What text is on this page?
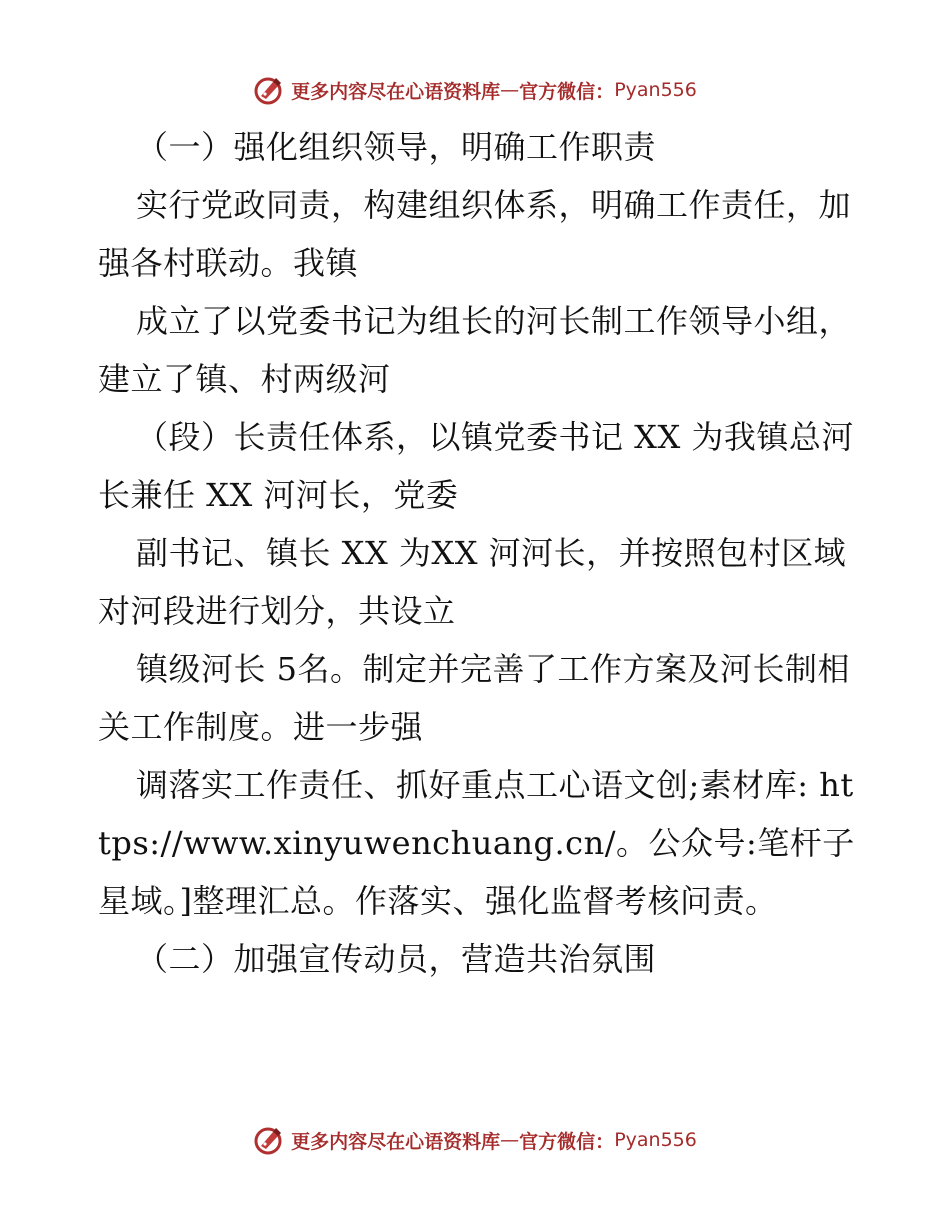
更多内容尽在心语资料库 — 官方微信： Pyan556

（一）强化组织领导，明确工作职责

实行党政同责，构建组织体系，明确工作责任，加强各村联动。我镇

成立了以党委书记为组长的河长制工作领导小组，建立了镇、村两级河

（段）长责任体系，以镇党委书记 XX 为我镇总河长兼任 XX 河河长，党委

副书记、镇长 XX 为XX 河河长，并按照包村区域对河段进行划分，共设立

镇级河长 5名。制定并完善了工作方案及河长制相关工作制度。进一步强

调落实工作责任、抓好重点工心语文创;素材库: https://www.xinyuwenchuang.cn/。公众号:笔杆子星域。]整理汇总。作落实、强化监督考核问责。

（二）加强宣传动员，营造共治氛围

更多内容尽在心语资料库 — 官方微信： Pyan556
